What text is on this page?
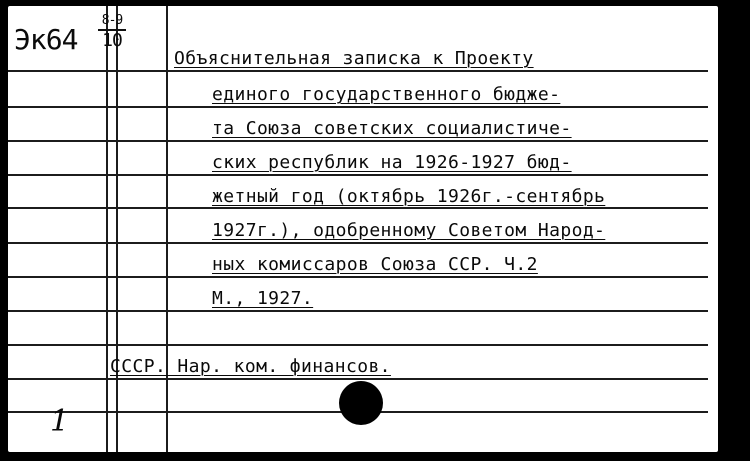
Эк64
8-9
10
Объяснительная записка к Проекту
единого государственного бюдже-
та Союза советских социалистиче-
ских республик на 1926-1927 бюд-
жетный год (октябрь 1926г.-сентябрь
1927г.), одобренному Советом Народ-
ных комиссаров Союза ССР. Ч.2
М., 1927.
СССР. Нар. ком. финансов.
1
